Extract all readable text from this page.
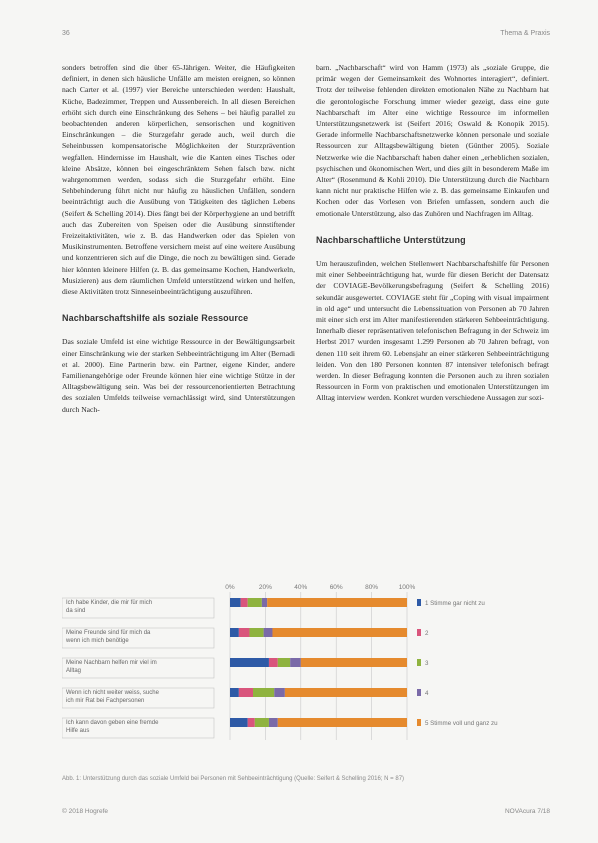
36	Thema & Praxis

sonders betroffen sind die über 65-Jährigen. Weiter, die Häufigkeiten definiert, in denen sich häusliche Unfälle am meisten ereignen, so können nach Carter et al. (1997) vier Bereiche unterschieden werden: Haushalt, Küche, Badezimmer, Treppen und Aussenbereich. In all diesen Bereichen erhöht sich durch eine Einschränkung des Sehens – bei häufig parallel zu beobachtenden anderen körperlichen, sensorischen und kognitiven Einschränkungen – die Sturzgefahr gerade auch, weil durch die Seheinbussen kompensatorische Möglichkeiten der Sturzprävention wegfallen. Hindernisse im Haushalt, wie die Kanten eines Tisches oder kleine Absätze, können bei eingeschränktem Sehen falsch bzw. nicht wahrgenommen werden, sodass sich die Sturzgefahr erhöht. Eine Sehbehinderung führt nicht nur häufig zu häuslichen Unfällen, sondern beeinträchtigt auch die Ausübung von Tätigkeiten des täglichen Lebens (Seifert & Schelling 2014). Dies fängt bei der Körperhygiene an und betrifft auch das Zubereiten von Speisen oder die Ausübung sinnstiftender Freizeitaktivitäten, wie z. B. das Handwerken oder das Spielen von Musikinstrumenten. Betroffene versichern meist auf eine weitere Ausübung und konzentrieren sich auf die Dinge, die noch zu bewältigen sind. Gerade hier könnten kleinere Hilfen (z. B. das gemeinsame Kochen, Handwerkeln, Musizieren) aus dem räumlichen Umfeld unterstützend wirken und helfen, diese Aktivitäten trotz Sinneseinbeeinträchtigung auszuführen.

Nachbarschaftshilfe als soziale Ressource

Das soziale Umfeld ist eine wichtige Ressource in der Bewältigungsarbeit einer Einschränkung wie der starken Sehbeeinträchtigung im Alter (Bernadi et al. 2000). Eine Partnerin bzw. ein Partner, eigene Kinder, andere Familienangehörige oder Freunde können hier eine wichtige Stütze in der Alltagsbewältigung sein. Was bei der ressourcenorientierten Betrachtung des sozialen Umfelds teilweise vernachlässigt wird, sind Unterstützungen durch Nach-

barn. „Nachbarschaft“ wird von Hamm (1973) als „soziale Gruppe, die primär wegen der Gemeinsamkeit des Wohnortes interagiert“, definiert. Trotz der teilweise fehlenden direkten emotionalen Nähe zu Nachbarn hat die gerontologische Forschung immer wieder gezeigt, dass eine gute Nachbarschaft im Alter eine wichtige Ressource im informellen Unterstützungsnetzwerk ist (Seifert 2016; Oswald & Konopik 2015). Gerade informelle Nachbarschaftsnetzwerke können personale und soziale Ressourcen zur Alltagsbewältigung bieten (Günther 2005). Soziale Netzwerke wie die Nachbarschaft haben daher einen „erheblichen sozialen, psychischen und ökonomischen Wert, und dies gilt in besonderem Maße im Alter“ (Rosenmund & Kohli 2010). Die Unterstützung durch die Nachbarn kann nicht nur praktische Hilfen wie z. B. das gemeinsame Einkaufen und Kochen oder das Vorlesen von Briefen umfassen, sondern auch die emotionale Unterstützung, also das Zuhören und Nachfragen im Alltag.

Nachbarschaftliche Unterstützung

Um herauszufinden, welchen Stellenwert Nachbarschaftshilfe für Personen mit einer Sehbeeinträchtigung hat, wurde für diesen Bericht der Datensatz der COVIAGE-Bevölkerungsbefragung (Seifert & Schelling 2016) sekundär ausgewertet. COVIAGE steht für „Coping with visual impairment in old age“ und untersucht die Lebenssituation von Personen ab 70 Jahren mit einer sich erst im Alter manifestierenden stärkeren Sehbeeinträchtigung. Innerhalb dieser repräsentativen telefonischen Befragung in der Schweiz im Herbst 2017 wurden insgesamt 1.299 Personen ab 70 Jahren befragt, von denen 110 seit ihrem 60. Lebensjahr an einer stärkeren Sehbeeinträchtigung leiden. Von den 180 Personen konnten 87 intensiver telefonisch befragt werden. In dieser Befragung konnten die Personen auch zu ihren sozialen Ressourcen in Form von praktischen und emotionalen Unterstützungen im Alltag interview werden. Konkret wurden verschiedene Aussagen zur sozi-

0%	20%	40%	60%	80%	100%
Ich habe Kinder, die mir für mich
da sind
Meine Freunde sind für mich da
wenn ich mich benötige
Meine Nachbarn helfen mir viel im
Alltag
Wenn ich nicht weiter weiss, suche
ich mir Rat bei Fachpersonen
Ich kann davon geben eine fremde
Hilfe aus
1 Stimme gar nicht zu
2
3
4
5 Stimme voll und ganz zu
Abb. 1: Unterstützung durch das soziale Umfeld bei Personen mit Sehbeeinträchtigung (Quelle: Seifert & Schelling 2016; N = 87)
© 2018 Hogrefe	NOVAcura 7/18
